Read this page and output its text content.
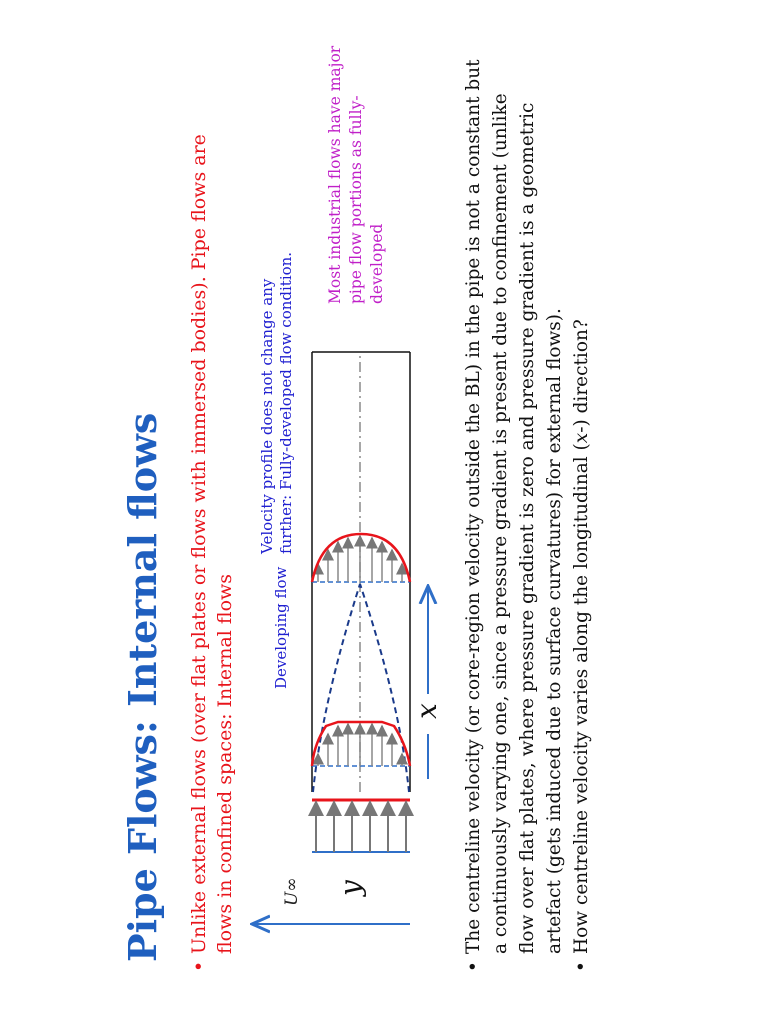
Pipe Flows: Internal flows
•
Unlike external flows (over flat plates or flows with immersed bodies). Pipe flows are flows in confined spaces: Internal flows Developing flow
Velocity profile does not change any further: Fully-developed flow condition.
Most industrial flows have major pipe flow portions as fully- developed
U∞ y
x
•
The centreline velocity (or core-region velocity outside the BL) in the pipe is not a constant but a continuously varying one, since a pressure gradient is present due to confinement (unlike flow over flat plates, where pressure gradient is zero and pressure gradient is a geometric artefact (gets induced due to surface curvatures) for external flows).
•
How centreline velocity varies along the longitudinal (x-) direction?
